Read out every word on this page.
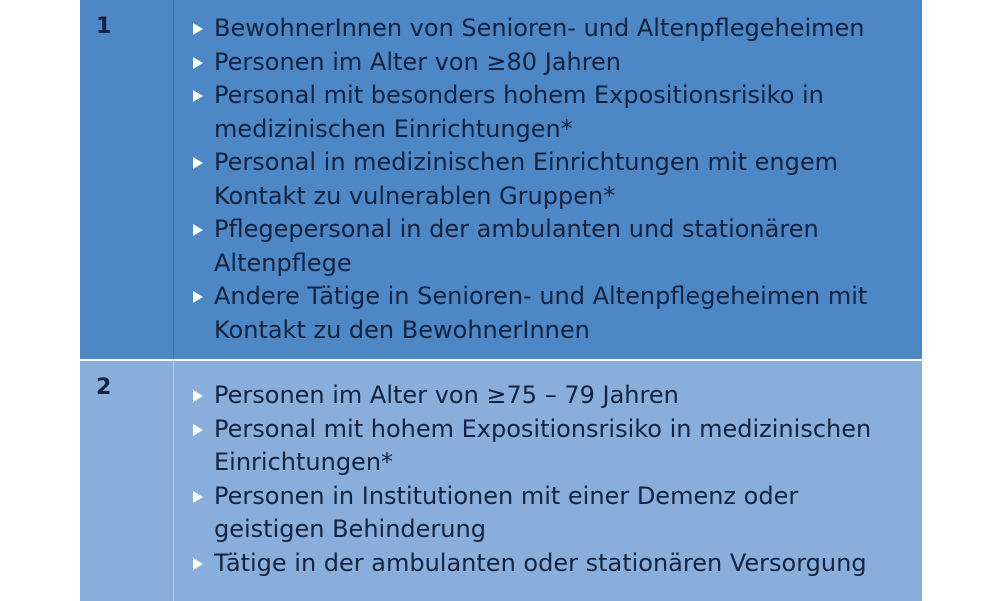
1	BewohnerInnen von Senioren- und Altenpflegeheimen
Personen im Alter von ≥80 Jahren
Personal mit besonders hohem Expositionsrisiko in medizinischen Einrichtungen*
Personal in medizinischen Einrichtungen mit engem Kontakt zu vulnerablen Gruppen*
Pflegepersonal in der ambulanten und stationären Altenpflege
Andere Tätige in Senioren- und Altenpflegeheimen mit Kontakt zu den BewohnerInnen
2	Personen im Alter von ≥75 – 79 Jahren
Personal mit hohem Expositionsrisiko in medizinischen Einrichtungen*
Personen in Institutionen mit einer Demenz oder geistigen Behinderung
Tätige in der ambulanten oder stationären Versorgung
